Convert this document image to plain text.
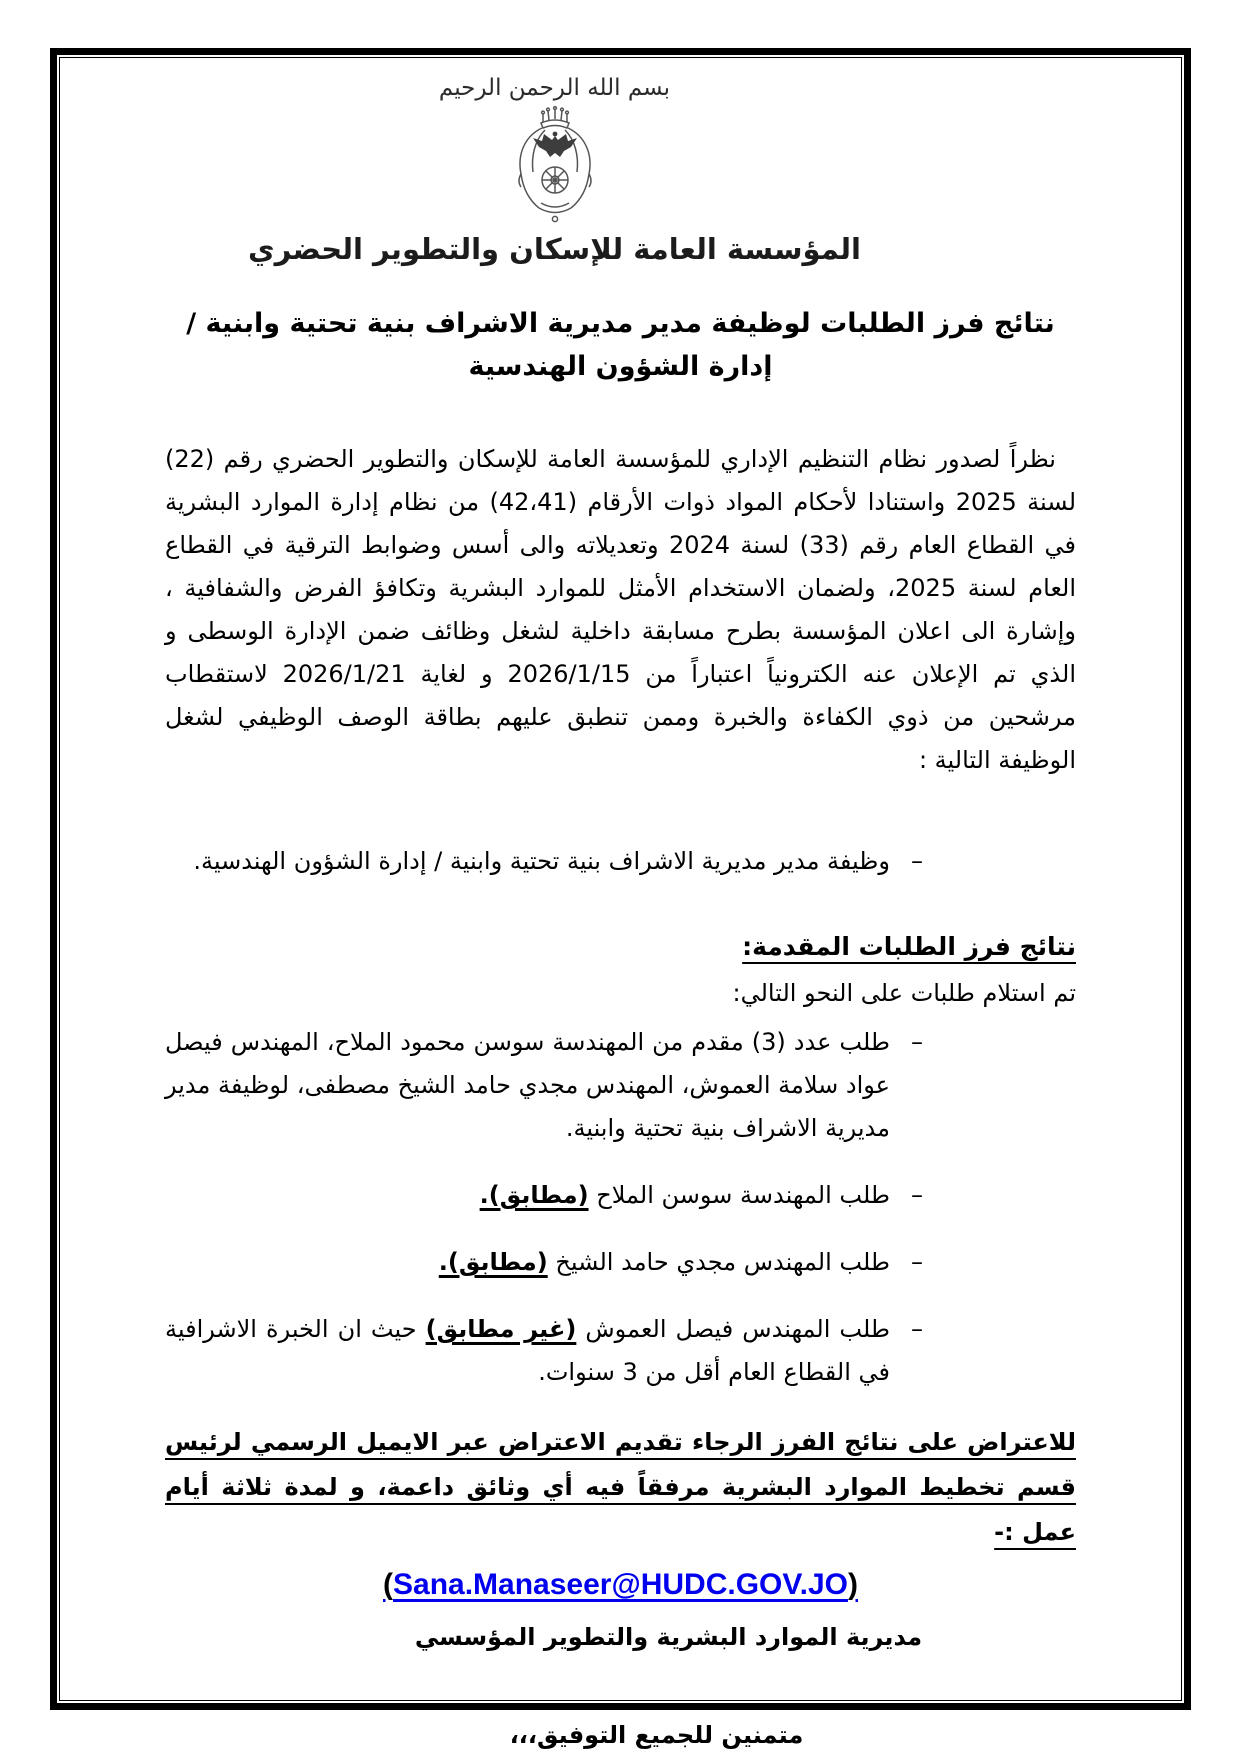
بسم الله الرحمن الرحيم
المؤسسة العامة للإسكان والتطوير الحضري
نتائج فرز الطلبات لوظيفة مدير مديرية الاشراف بنية تحتية وابنية / إدارة الشؤون الهندسية
نظراً لصدور نظام التنظيم الإداري للمؤسسة العامة للإسكان والتطوير الحضري رقم (22) لسنة 2025 واستنادا لأحكام المواد ذوات الأرقام (42،41) من نظام إدارة الموارد البشرية في القطاع العام رقم (33) لسنة 2024 وتعديلاته والى أسس وضوابط الترقية في القطاع العام لسنة 2025، ولضمان الاستخدام الأمثل للموارد البشرية وتكافؤ الفرض والشفافية ، وإشارة الى اعلان المؤسسة بطرح مسابقة داخلية لشغل وظائف ضمن الإدارة الوسطى و الذي تم الإعلان عنه الكترونياً اعتباراً من 2026/1/15 و لغاية 2026/1/21 لاستقطاب مرشحين من ذوي الكفاءة والخبرة وممن تنطبق عليهم بطاقة الوصف الوظيفي لشغل الوظيفة التالية :
–
وظيفة مدير مديرية الاشراف بنية تحتية وابنية / إدارة الشؤون الهندسية.
نتائج فرز الطلبات المقدمة:
تم استلام طلبات على النحو التالي:
–
طلب عدد (3) مقدم من المهندسة سوسن محمود الملاح، المهندس فيصل عواد سلامة العموش، المهندس مجدي حامد الشيخ مصطفى، لوظيفة مدير مديرية الاشراف بنية تحتية وابنية.
–
طلب المهندسة سوسن الملاح (مطابق).
–
طلب المهندس مجدي حامد الشيخ (مطابق).
–
طلب المهندس فيصل العموش (غير مطابق) حيث ان الخبرة الاشرافية في القطاع العام أقل من 3 سنوات.
للاعتراض على نتائج الفرز الرجاء تقديم الاعتراض عبر الايميل الرسمي لرئيس قسم تخطيط الموارد البشرية مرفقاً فيه أي وثائق داعمة، و لمدة ثلاثة أيام عمل :-
(Sana.Manaseer@HUDC.GOV.JO)
مديرية الموارد البشرية والتطوير المؤسسي
متمنين للجميع التوفيق،،،
